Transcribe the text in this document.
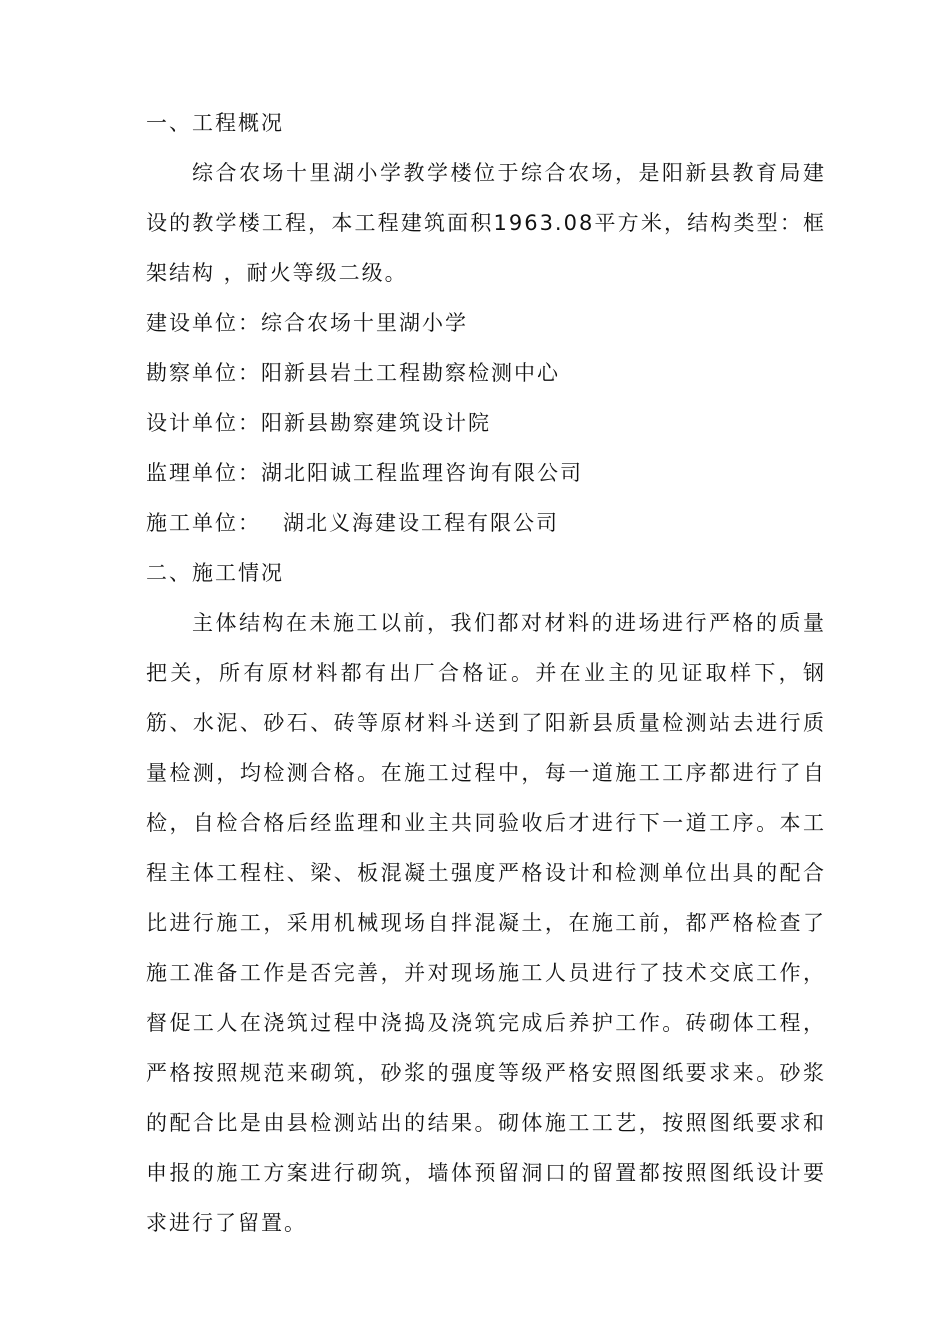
一、工程概况

综合农场十里湖小学教学楼位于综合农场，是阳新县教育局建设的教学楼工程，本工程建筑面积1963.08平方米，结构类型：框架结构 ，耐火等级二级。

建设单位：综合农场十里湖小学

勘察单位：阳新县岩土工程勘察检测中心

设计单位：阳新县勘察建筑设计院

监理单位：湖北阳诚工程监理咨询有限公司

施工单位： 湖北义海建设工程有限公司

二、施工情况

主体结构在未施工以前，我们都对材料的进场进行严格的质量把关，所有原材料都有出厂合格证。并在业主的见证取样下，钢筋、水泥、砂石、砖等原材料斗送到了阳新县质量检测站去进行质量检测，均检测合格。在施工过程中，每一道施工工序都进行了自检，自检合格后经监理和业主共同验收后才进行下一道工序。本工程主体工程柱、梁、板混凝土强度严格设计和检测单位出具的配合比进行施工，采用机械现场自拌混凝土，在施工前，都严格检查了施工准备工作是否完善，并对现场施工人员进行了技术交底工作，督促工人在浇筑过程中浇捣及浇筑完成后养护工作。砖砌体工程，严格按照规范来砌筑，砂浆的强度等级严格安照图纸要求来。砂浆的配合比是由县检测站出的结果。砌体施工工艺，按照图纸要求和申报的施工方案进行砌筑，墙体预留洞口的留置都按照图纸设计要求进行了留置。
